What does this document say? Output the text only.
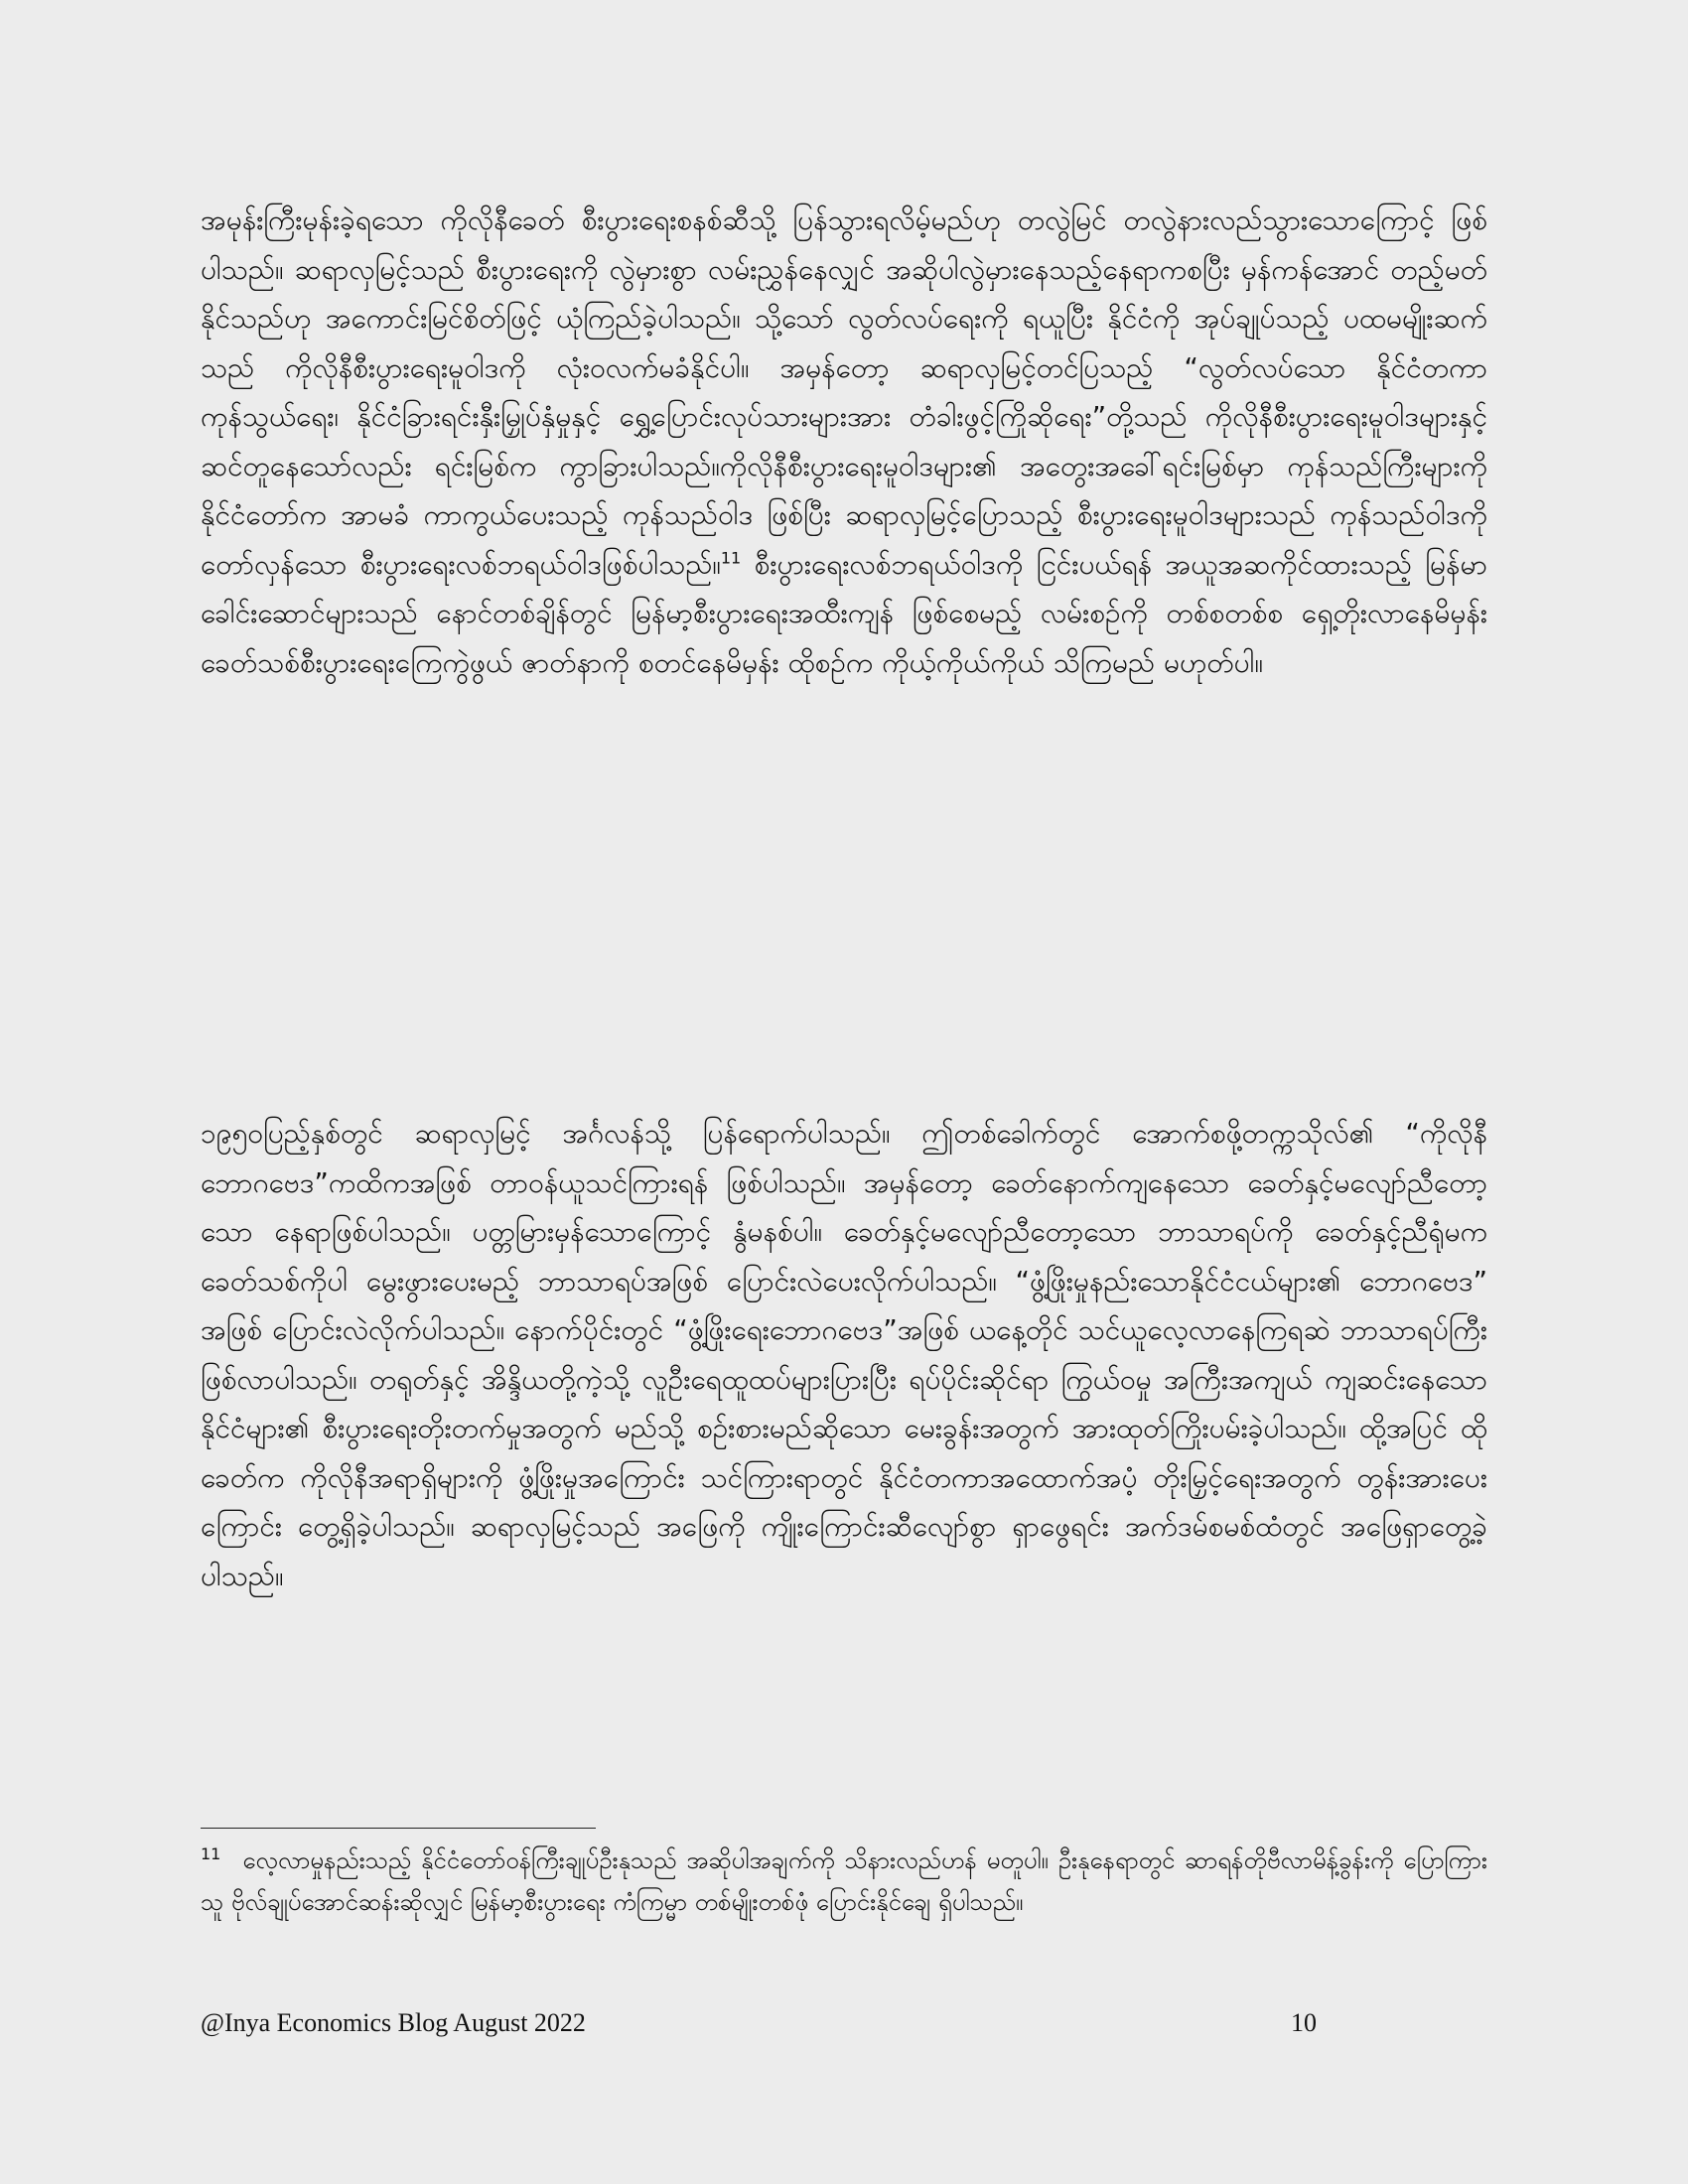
အမုန်းကြီးမုန်းခဲ့ရသော ကိုလိုနီခေတ် စီးပွားရေးစနစ်ဆီသို့ ပြန်သွားရလိမ့်မည်ဟု တလွဲမြင် တလွဲနားလည်သွားသောကြောင့် ဖြစ်ပါသည်။ ဆရာလှမြင့်သည် စီးပွားရေးကို လွဲမှားစွာ လမ်းညွှန်နေလျှင် အဆိုပါလွဲမှားနေသည့်နေရာကစပြီး မှန်ကန်အောင် တည့်မတ်နိုင်သည်ဟု အကောင်းမြင်စိတ်ဖြင့် ယုံကြည်ခဲ့ပါသည်။ သို့သော် လွတ်လပ်ရေးကို ရယူပြီး နိုင်ငံကို အုပ်ချုပ်သည့် ပထမမျိုးဆက်သည် ကိုလိုနီစီးပွားရေးမူဝါဒကို လုံးဝလက်မခံနိုင်ပါ။ အမှန်တော့ ဆရာလှမြင့်တင်ပြသည့် “လွတ်လပ်သော နိုင်ငံတကာကုန်သွယ်ရေး၊ နိုင်ငံခြားရင်းနှီးမြှုပ်နှံမှုနှင့် ရွှေ့ပြောင်းလုပ်သားများအား တံခါးဖွင့်ကြိုဆိုရေး”တို့သည် ကိုလိုနီစီးပွားရေးမူဝါဒများနှင့် ဆင်တူနေသော်လည်း ရင်းမြစ်က ကွာခြားပါသည်။ကိုလိုနီစီးပွားရေးမူဝါဒများ၏ အတွေးအခေါ်ရင်းမြစ်မှာ ကုန်သည်ကြီးများကို နိုင်ငံတော်က အာမခံ ကာကွယ်ပေးသည့် ကုန်သည်ဝါဒ ဖြစ်ပြီး ဆရာလှမြင့်ပြောသည့် စီးပွားရေးမူဝါဒများသည် ကုန်သည်ဝါဒကို တော်လှန်သော စီးပွားရေးလစ်ဘရယ်ဝါဒဖြစ်ပါသည်။$^{11}$ စီးပွားရေးလစ်ဘရယ်ဝါဒကို ငြင်းပယ်ရန် အယူအဆကိုင်ထားသည့် မြန်မာခေါင်းဆောင်များသည် နောင်တစ်ချိန်တွင် မြန်မာ့စီးပွားရေးအထီးကျန် ဖြစ်စေမည့် လမ်းစဉ်ကို တစ်စတစ်စ ရှေ့တိုးလာနေမိမှန်း ခေတ်သစ်စီးပွားရေးကြေကွဲဖွယ် ဇာတ်နာကို စတင်နေမိမှန်း ထိုစဉ်က ကိုယ့်ကိုယ်ကိုယ် သိကြမည် မဟုတ်ပါ။

၁၉၅၀ပြည့်နှစ်တွင် ဆရာလှမြင့် အင်္ဂလန်သို့ ပြန်ရောက်ပါသည်။ ဤတစ်ခေါက်တွင် အောက်စဖို့တက္ကသိုလ်၏ “ကိုလိုနီဘောဂဗေဒ”ကထိကအဖြစ် တာဝန်ယူသင်ကြားရန် ဖြစ်ပါသည်။ အမှန်တော့ ခေတ်နောက်ကျနေသော ခေတ်နှင့်မလျော်ညီတော့သော နေရာဖြစ်ပါသည်။ ပတ္တမြားမှန်သောကြောင့် နွံမနစ်ပါ။ ခေတ်နှင့်မလျော်ညီတော့သော ဘာသာရပ်ကို ခေတ်နှင့်ညီရုံမက ခေတ်သစ်ကိုပါ မွေးဖွားပေးမည့် ဘာသာရပ်အဖြစ် ပြောင်းလဲပေးလိုက်ပါသည်။ “ဖွံ့ဖြိုးမှုနည်းသောနိုင်ငံငယ်များ၏ ဘောဂဗေဒ” အဖြစ် ပြောင်းလဲလိုက်ပါသည်။ နောက်ပိုင်းတွင် “ဖွံ့ဖြိုးရေးဘောဂဗေဒ”အဖြစ် ယနေ့တိုင် သင်ယူလေ့လာနေကြရဆဲ ဘာသာရပ်ကြီး ဖြစ်လာပါသည်။ တရုတ်နှင့် အိန္ဒိယတို့ကဲ့သို့ လူဦးရေထူထပ်များပြားပြီး ရပ်ပိုင်းဆိုင်ရာ ကြွယ်ဝမှု အကြီးအကျယ် ကျဆင်းနေသော နိုင်ငံများ၏ စီးပွားရေးတိုးတက်မှုအတွက် မည်သို့ စဉ်းစားမည်ဆိုသော မေးခွန်းအတွက် အားထုတ်ကြိုးပမ်းခဲ့ပါသည်။ ထို့အပြင် ထိုခေတ်က ကိုလိုနီအရာရှိများကို ဖွံ့ဖြိုးမှုအကြောင်း သင်ကြားရာတွင် နိုင်ငံတကာအထောက်အပံ့ တိုးမြှင့်ရေးအတွက် တွန်းအားပေးကြောင်း တွေ့ရှိခဲ့ပါသည်။ ဆရာလှမြင့်သည် အဖြေကို ကျိုးကြောင်းဆီလျော်စွာ ရှာဖွေရင်း အက်ဒမ်စမစ်ထံတွင် အဖြေရှာတွေ့ခဲ့ပါသည်။

$^{11}$ လေ့လာမှုနည်းသည့် နိုင်ငံတော်ဝန်ကြီးချုပ်ဦးနုသည် အဆိုပါအချက်ကို သိနားလည်ဟန် မတူပါ။ ဦးနုနေရာတွင် ဆာရန်တိုဗီလာမိန့်ခွန်းကို ပြောကြားသူ ဗိုလ်ချုပ်အောင်ဆန်းဆိုလျှင် မြန်မာ့စီးပွားရေး ကံကြမ္မာ တစ်မျိုးတစ်ဖုံ ပြောင်းနိုင်ချေ ရှိပါသည်။

@Inya Economics Blog August 2022	10
